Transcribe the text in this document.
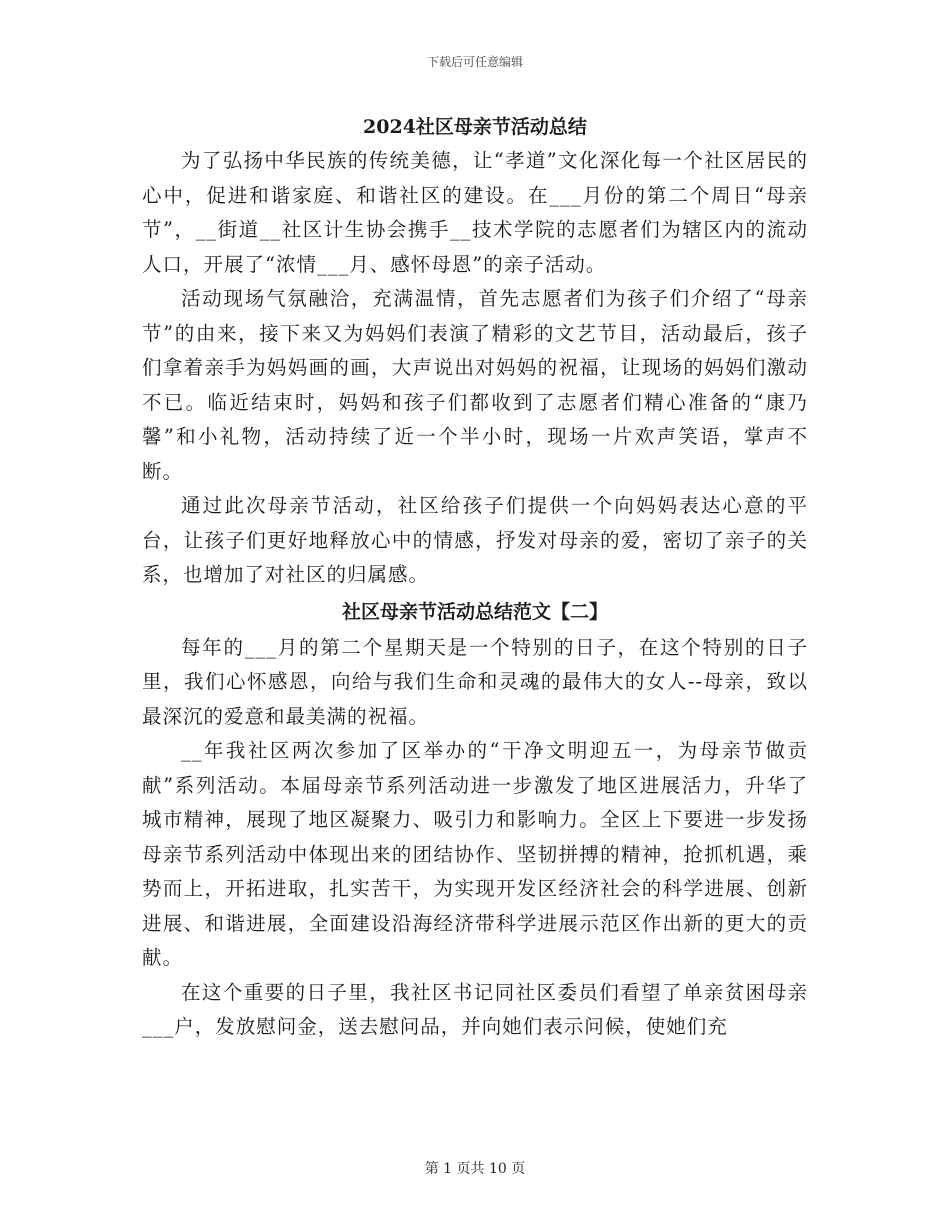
下载后可任意编辑
2024社区母亲节活动总结

为了弘扬中华民族的传统美德，让“孝道”文化深化每一个社区居民的心中，促进和谐家庭、和谐社区的建设。在___月份的第二个周日“母亲节”，__街道__社区计生协会携手__技术学院的志愿者们为辖区内的流动人口，开展了“浓情___月、感怀母恩”的亲子活动。

活动现场气氛融洽，充满温情，首先志愿者们为孩子们介绍了“母亲节”的由来，接下来又为妈妈们表演了精彩的文艺节目，活动最后，孩子们拿着亲手为妈妈画的画，大声说出对妈妈的祝福，让现场的妈妈们激动不已。临近结束时，妈妈和孩子们都收到了志愿者们精心准备的“康乃馨”和小礼物，活动持续了近一个半小时，现场一片欢声笑语，掌声不断。

通过此次母亲节活动，社区给孩子们提供一个向妈妈表达心意的平台，让孩子们更好地释放心中的情感，抒发对母亲的爱，密切了亲子的关系，也增加了对社区的归属感。

社区母亲节活动总结范文【二】

每年的___月的第二个星期天是一个特别的日子，在这个特别的日子里，我们心怀感恩，向给与我们生命和灵魂的最伟大的女人--母亲，致以最深沉的爱意和最美满的祝福。

__年我社区两次参加了区举办的“干净文明迎五一，为母亲节做贡献”系列活动。本届母亲节系列活动进一步激发了地区进展活力，升华了城市精神，展现了地区凝聚力、吸引力和影响力。全区上下要进一步发扬母亲节系列活动中体现出来的团结协作、坚韧拼搏的精神，抢抓机遇，乘势而上，开拓进取，扎实苦干，为实现开发区经济社会的科学进展、创新进展、和谐进展，全面建设沿海经济带科学进展示范区作出新的更大的贡献。

在这个重要的日子里，我社区书记同社区委员们看望了单亲贫困母亲___户，发放慰问金，送去慰问品，并向她们表示问候，使她们充

第 1 页共 10 页
